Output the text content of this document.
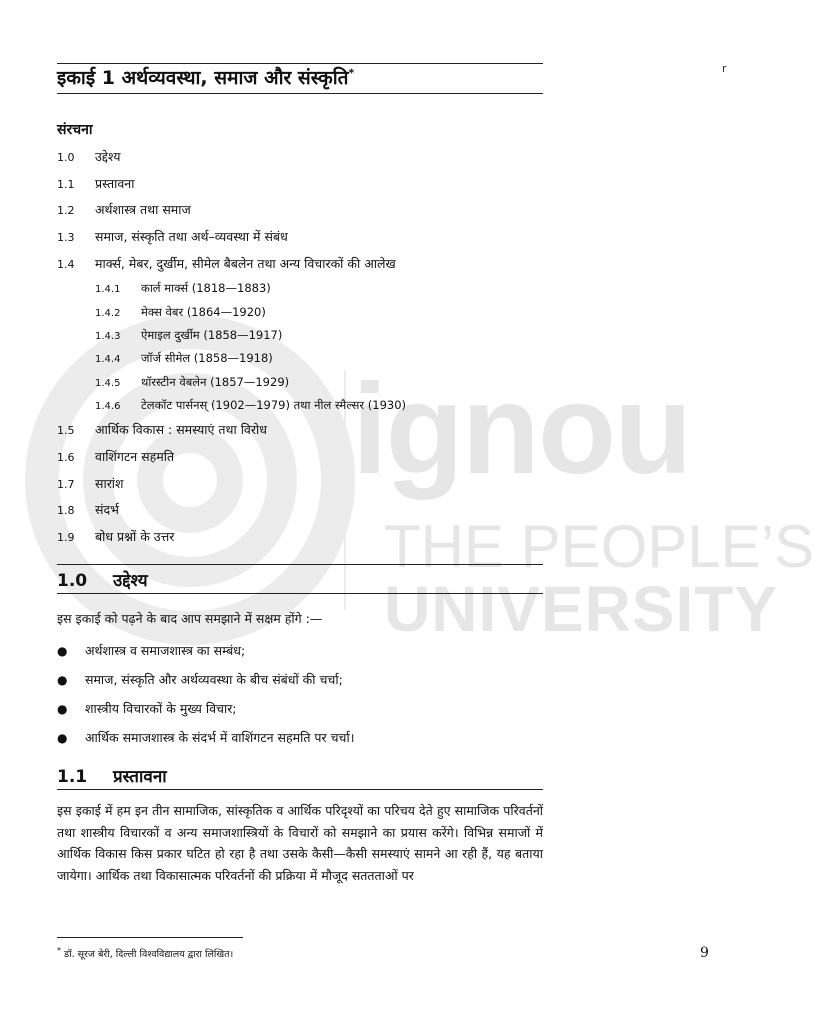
ignou
THE PEOPLE’S
UNIVERSITY
r
इकाई 1 अर्थव्यवस्था, समाज और संस्कृति*
संरचना
1.0 उद्देश्य
1.1 प्रस्तावना
1.2 अर्थशास्त्र तथा समाज
1.3 समाज, संस्कृति तथा अर्थ–व्यवस्था में संबंध
1.4 मार्क्स, मेबर, दुर्खीम, सीमेल बैबलेन तथा अन्य विचारकों की आलेख
1.4.1 कार्ल मार्क्स (1818—1883)
1.4.2 मेक्स वेबर (1864—1920)
1.4.3 ऐमाइल दुर्खीम (1858—1917)
1.4.4 जॉर्ज सीमेल (1858—1918)
1.4.5 थॉरस्टीन वेबलेन (1857—1929)
1.4.6 टेलकॉट पार्सनस् (1902—1979) तथा नील स्मैल्सर (1930)
1.5 आर्थिक विकास : समस्याएं तथा विरोध
1.6 वाशिंगटन सहमति
1.7 सारांश
1.8 संदर्भ
1.9 बोध प्रश्नों के उत्तर
1.0 उद्देश्य
इस इकाई को पढ़ने के बाद आप समझाने में सक्षम होंगे :—
● अर्थशास्त्र व समाजशास्त्र का सम्बंध;
● समाज, संस्कृति और अर्थव्यवस्था के बीच संबंधों की चर्चा;
● शास्त्रीय विचारकों के मुख्य विचार;
● आर्थिक समाजशास्त्र के संदर्भ में वाशिंगटन सहमति पर चर्चा।
1.1 प्रस्तावना

इस इकाई में हम इन तीन सामाजिक, सांस्कृतिक व आर्थिक परिदृश्यों का परिचय देते हुए सामाजिक परिवर्तनों तथा शास्त्रीय विचारकों व अन्य समाजशास्त्रियों के विचारों को समझाने का प्रयास करेंगे। विभिन्न समाजों में आर्थिक विकास किस प्रकार घटित हो रहा है तथा उसके कैसी—कैसी समस्याएं सामने आ रही हैं, यह बताया जायेगा। आर्थिक तथा विकासात्मक परिवर्तनों की प्रक्रिया में मौजूद सततताओं पर

* डॉ. सूरज बेरी, दिल्ली विश्वविद्यालय द्वारा लिखित।	9
